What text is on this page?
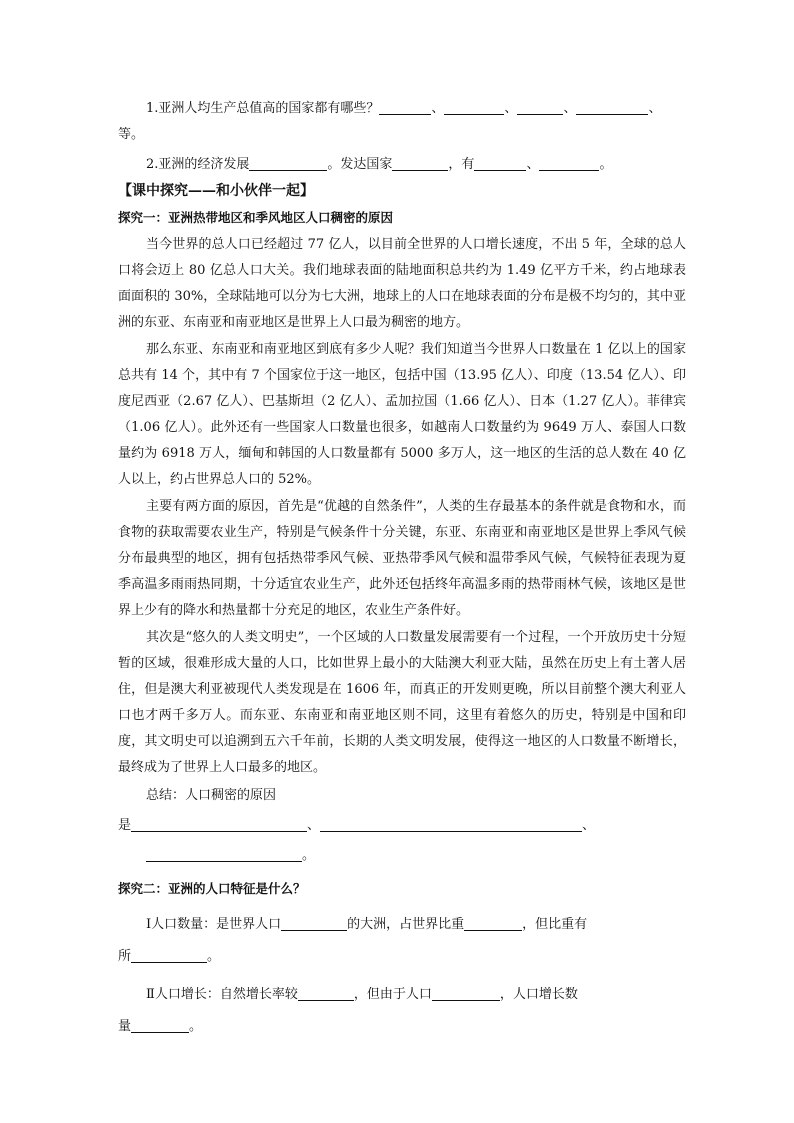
1.亚洲人均生产总值高的国家都有哪些？	、	、	、	、
等。
2.亚洲的经济发展	。发达国家	，有	、	。
【课中探究——和小伙伴一起】
探究一：亚洲热带地区和季风地区人口稠密的原因

当今世界的总人口已经超过 77 亿人，以目前全世界的人口增长速度，不出 5 年，全球的总人口将会迈上 80 亿总人口大关。我们地球表面的陆地面积总共约为 1.49 亿平方千米，约占地球表面面积的 30%，全球陆地可以分为七大洲，地球上的人口在地球表面的分布是极不均匀的，其中亚洲的东亚、东南亚和南亚地区是世界上人口最为稠密的地方。

那么东亚、东南亚和南亚地区到底有多少人呢？我们知道当今世界人口数量在 1 亿以上的国家总共有 14 个，其中有 7 个国家位于这一地区，包括中国（13.95 亿人）、印度（13.54 亿人）、印度尼西亚（2.67 亿人）、巴基斯坦（2 亿人）、孟加拉国（1.66 亿人）、日本（1.27 亿人）。菲律宾（1.06 亿人）。此外还有一些国家人口数量也很多，如越南人口数量约为 9649 万人、泰国人口数量约为 6918 万人，缅甸和韩国的人口数量都有 5000 多万人，这一地区的生活的总人数在 40 亿人以上，约占世界总人口的 52%。

主要有两方面的原因，首先是“优越的自然条件”，人类的生存最基本的条件就是食物和水，而食物的获取需要农业生产，特别是气候条件十分关键，东亚、东南亚和南亚地区是世界上季风气候分布最典型的地区，拥有包括热带季风气候、亚热带季风气候和温带季风气候，气候特征表现为夏季高温多雨雨热同期，十分适宜农业生产，此外还包括终年高温多雨的热带雨林气候，该地区是世界上少有的降水和热量都十分充足的地区，农业生产条件好。

其次是“悠久的人类文明史”，一个区域的人口数量发展需要有一个过程，一个开放历史十分短暂的区域，很难形成大量的人口，比如世界上最小的大陆澳大利亚大陆，虽然在历史上有土著人居住，但是澳大利亚被现代人类发现是在 1606 年，而真正的开发则更晚，所以目前整个澳大利亚人口也才两千多万人。而东亚、东南亚和南亚地区则不同，这里有着悠久的历史，特别是中国和印度，其文明史可以追溯到五六千年前，长期的人类文明发展，使得这一地区的人口数量不断增长，最终成为了世界上人口最多的地区。

总结：人口稠密的原因
是	、	、
。
探究二：亚洲的人口特征是什么？
Ⅰ人口数量：是世界人口	的大洲，占世界比重	，但比重有
所	。
Ⅱ人口增长：自然增长率较	，但由于人口	，人口增长数
量	。
